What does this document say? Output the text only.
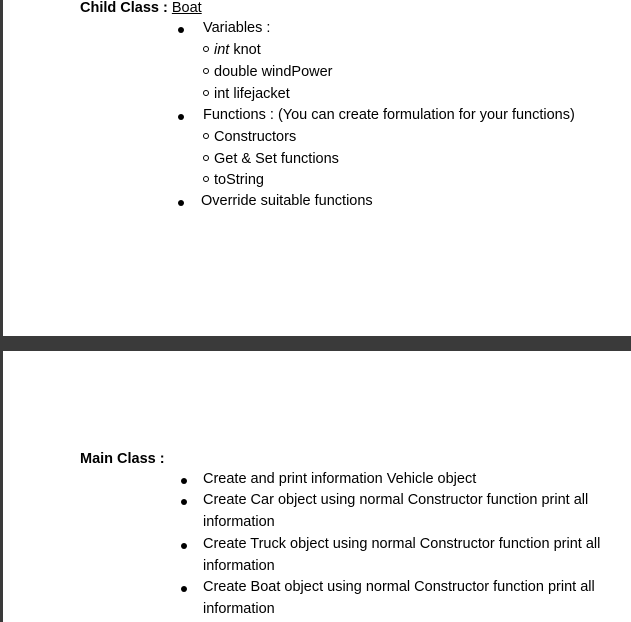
Child Class : Boat
Variables :
int knot
double windPower
int lifejacket
Functions : (You can create formulation for your functions)
Constructors
Get & Set functions
toString
Override suitable functions
Main Class :
Create and print information Vehicle object
Create Car object using normal Constructor function print all
information
Create Truck object using normal Constructor function print all
information
Create Boat object using normal Constructor function print all
information
